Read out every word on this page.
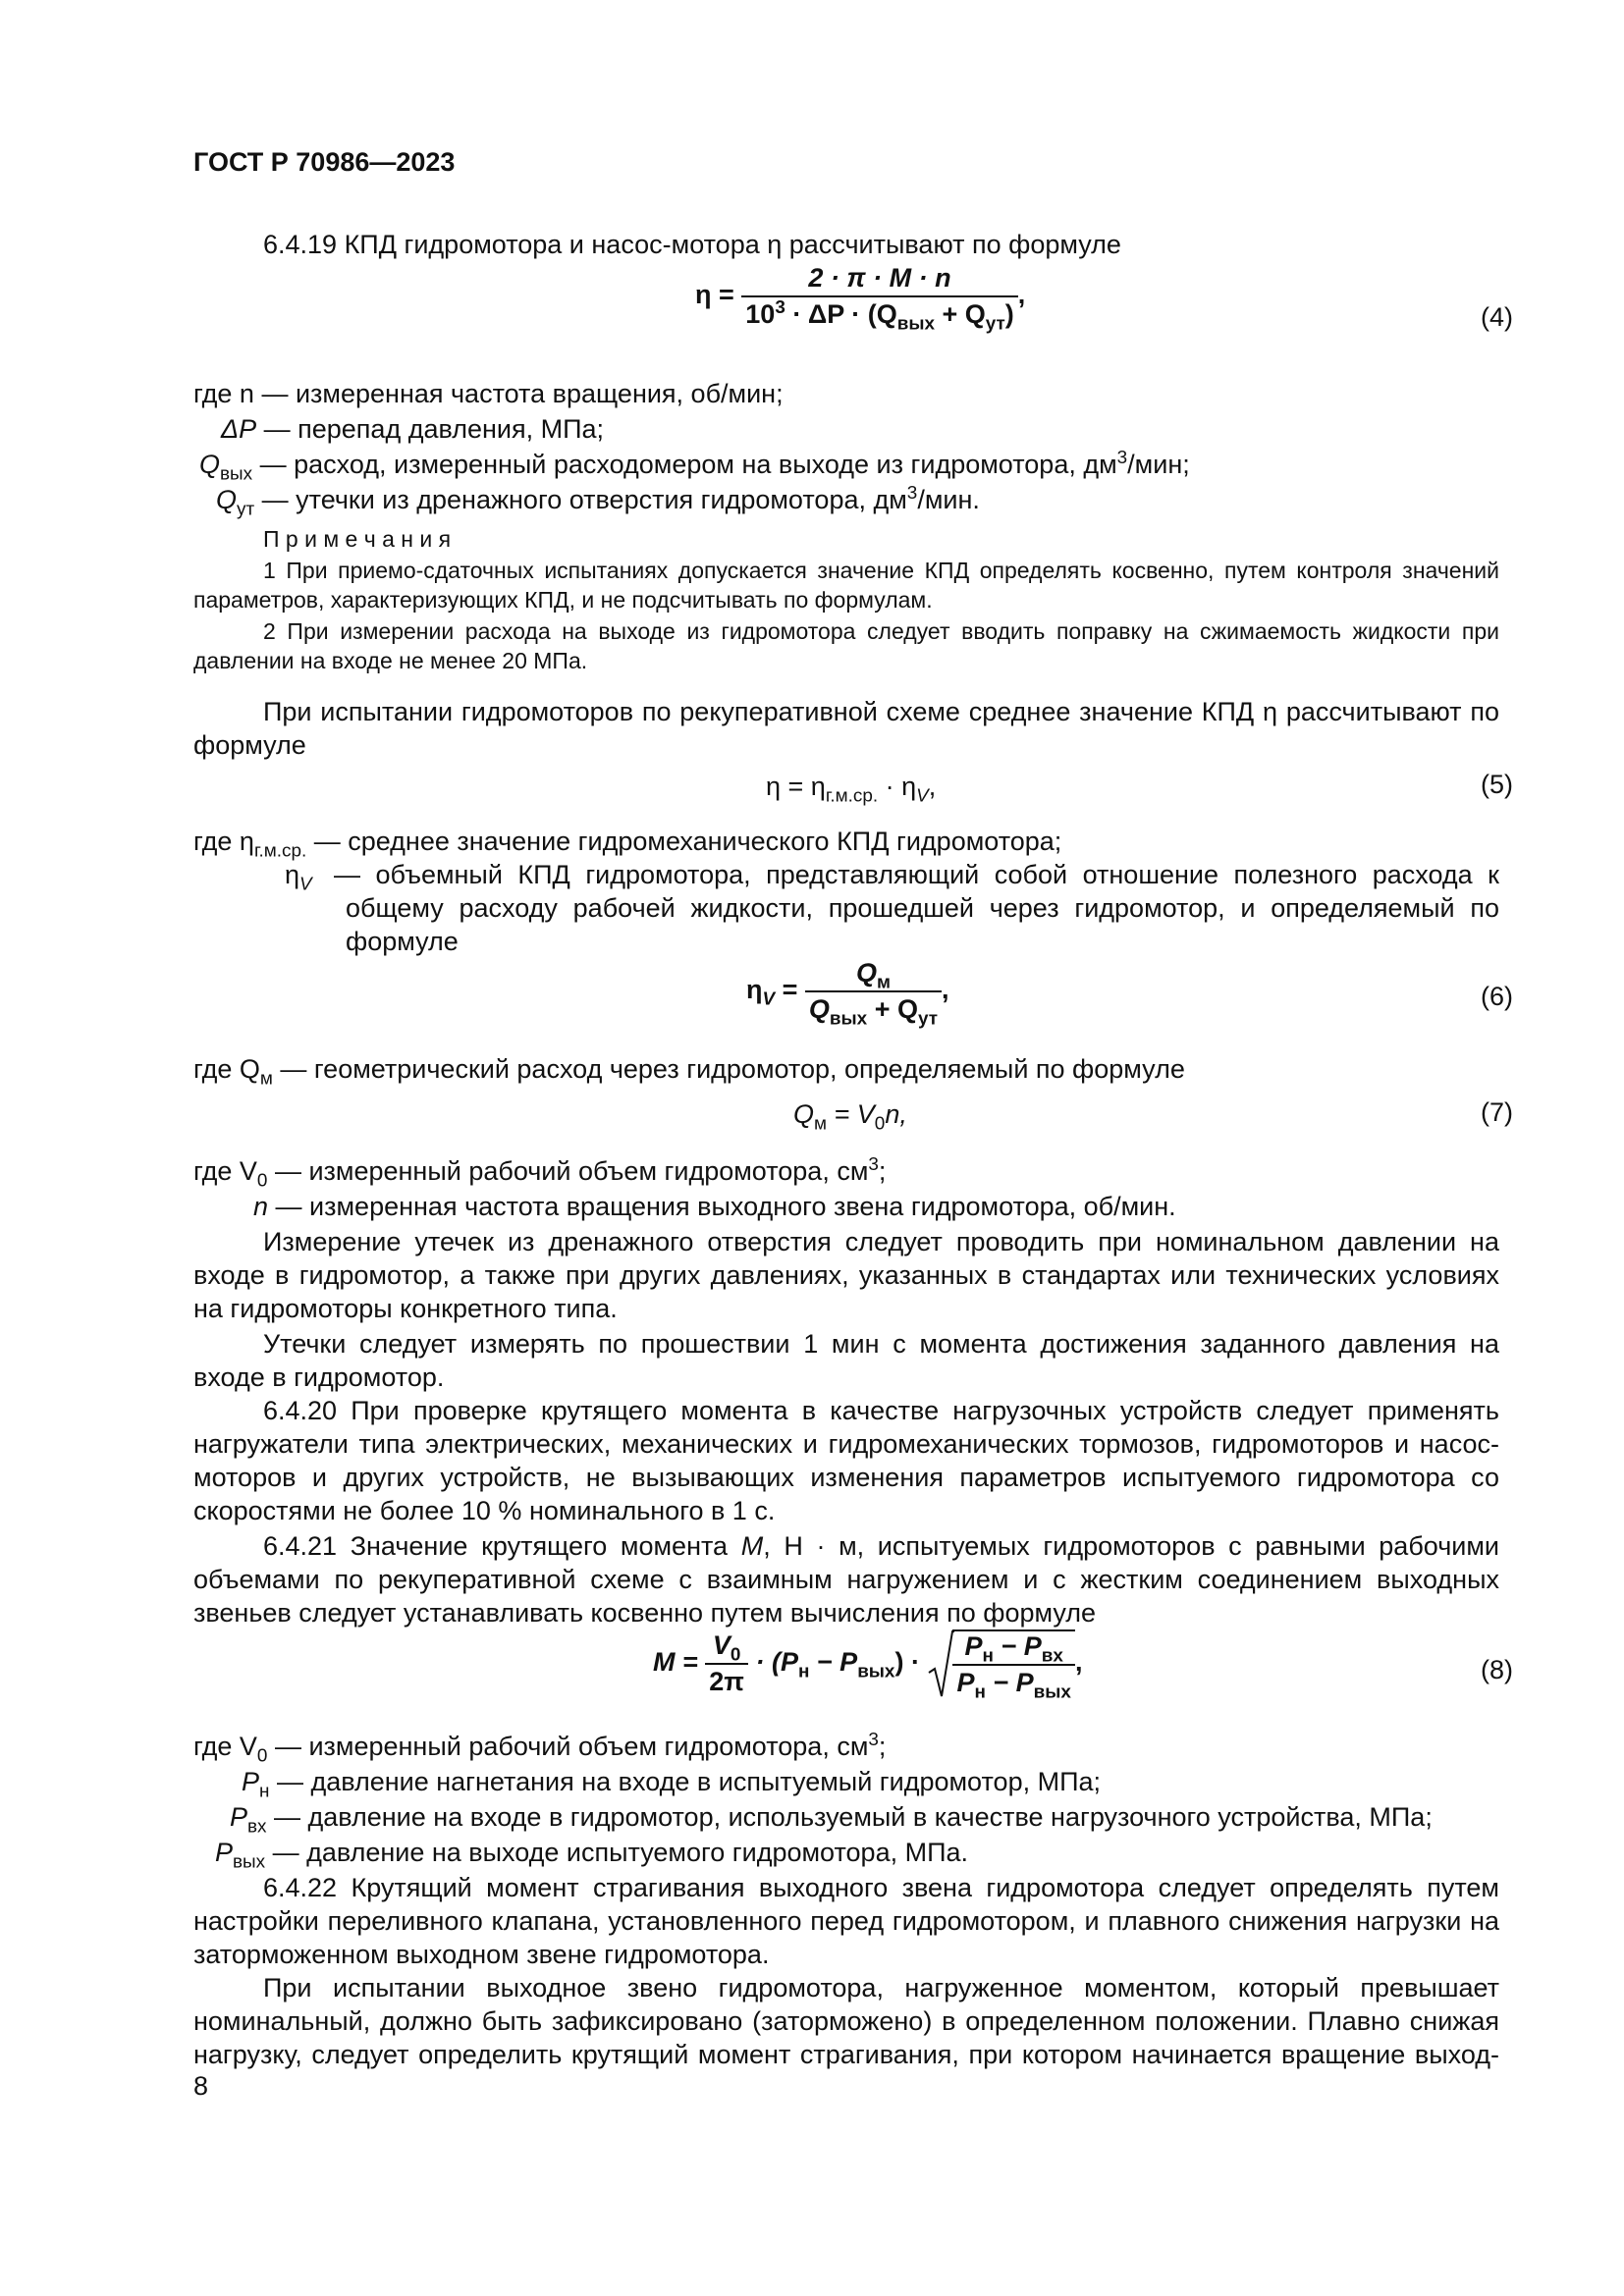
ГОСТ Р 70986—2023
6.4.19 КПД гидромотора и насос-мотора η рассчитывают по формуле
$\eta = \frac{2 \cdot \pi \cdot M \cdot n}{10^3 \cdot \Delta P \cdot (Q_{вых} + Q_{ут})}$ ,
(4)
где n — измеренная частота вращения, об/мин;
ΔP — перепад давления, МПа;
$Q_{вых}$ — расход, измеренный расходомером на выходе из гидромотора, $дм^3$/мин;
$Q_{ут}$ — утечки из дренажного отверстия гидромотора, $дм^3$/мин.
П р и м е ч а н и я
1 При приемо-сдаточных испытаниях допускается значение КПД определять косвенно, путем контроля значений параметров, характеризующих КПД, и не подсчитывать по формулам.
2 При измерении расхода на выходе из гидромотора следует вводить поправку на сжимаемость жидкости при давлении на входе не менее 20 МПа.
При испытании гидромоторов по рекуперативной схеме среднее значение КПД η рассчитывают по формуле
$\eta = \eta_{г.м.ср.} \cdot \eta_V$,	(5)
где $\eta_{г.м.ср.}$ — среднее значение гидромеханического КПД гидромотора;
$\eta_V$ — объемный КПД гидромотора, представляющий собой отношение полезного расхода к общему расходу рабочей жидкости, прошедшей через гидромотор, и определяемый по формуле
$\eta_V = \frac{Q_м}{Q_{вых} + Q_{ут}}$ ,	(6)
где $Q_м$ — геометрический расход через гидромотор, определяемый по формуле
$Q_м = V_0n$,	(7)
где $V_0$ — измеренный рабочий объем гидромотора, $см^3$;
n — измеренная частота вращения выходного звена гидромотора, об/мин.
Измерение утечек из дренажного отверстия следует проводить при номинальном давлении на входе в гидромотор, а также при других давлениях, указанных в стандартах или технических условиях на гидромоторы конкретного типа.
Утечки следует измерять по прошествии 1 мин с момента достижения заданного давления на входе в гидромотор.
6.4.20 При проверке крутящего момента в качестве нагрузочных устройств следует применять нагружатели типа электрических, механических и гидромеханических тормозов, гидромоторов и насос-моторов и других устройств, не вызывающих изменения параметров испытуемого гидромотора со скоростями не более 10 % номинального в 1 с.
6.4.21 Значение крутящего момента M, Н · м, испытуемых гидромоторов с равными рабочими объемами по рекуперативной схеме с взаимным нагружением и с жестким соединением выходных звеньев следует устанавливать косвенно путем вычисления по формуле
$M = \frac{V_0}{2\pi} \cdot (P_н - P_{вых}) \cdot \frac{P_н - P_{вх}}{P_н - P_{вых}}$ ,	(8)
где $V_0$ — измеренный рабочий объем гидромотора, $см^3$;
$P_н$ — давление нагнетания на входе в испытуемый гидромотор, МПа;
$P_{вх}$ — давление на входе в гидромотор, используемый в качестве нагрузочного устройства, МПа;
$P_{вых}$ — давление на выходе испытуемого гидромотора, МПа.
6.4.22 Крутящий момент страгивания выходного звена гидромотора следует определять путем настройки переливного клапана, установленного перед гидромотором, и плавного снижения нагрузки на заторможенном выходном звене гидромотора.
При испытании выходное звено гидромотора, нагруженное моментом, который превышает номинальный, должно быть зафиксировано (заторможено) в определенном положении. Плавно снижая нагрузку, следует определить крутящий момент страгивания, при котором начинается вращение выход-
8
